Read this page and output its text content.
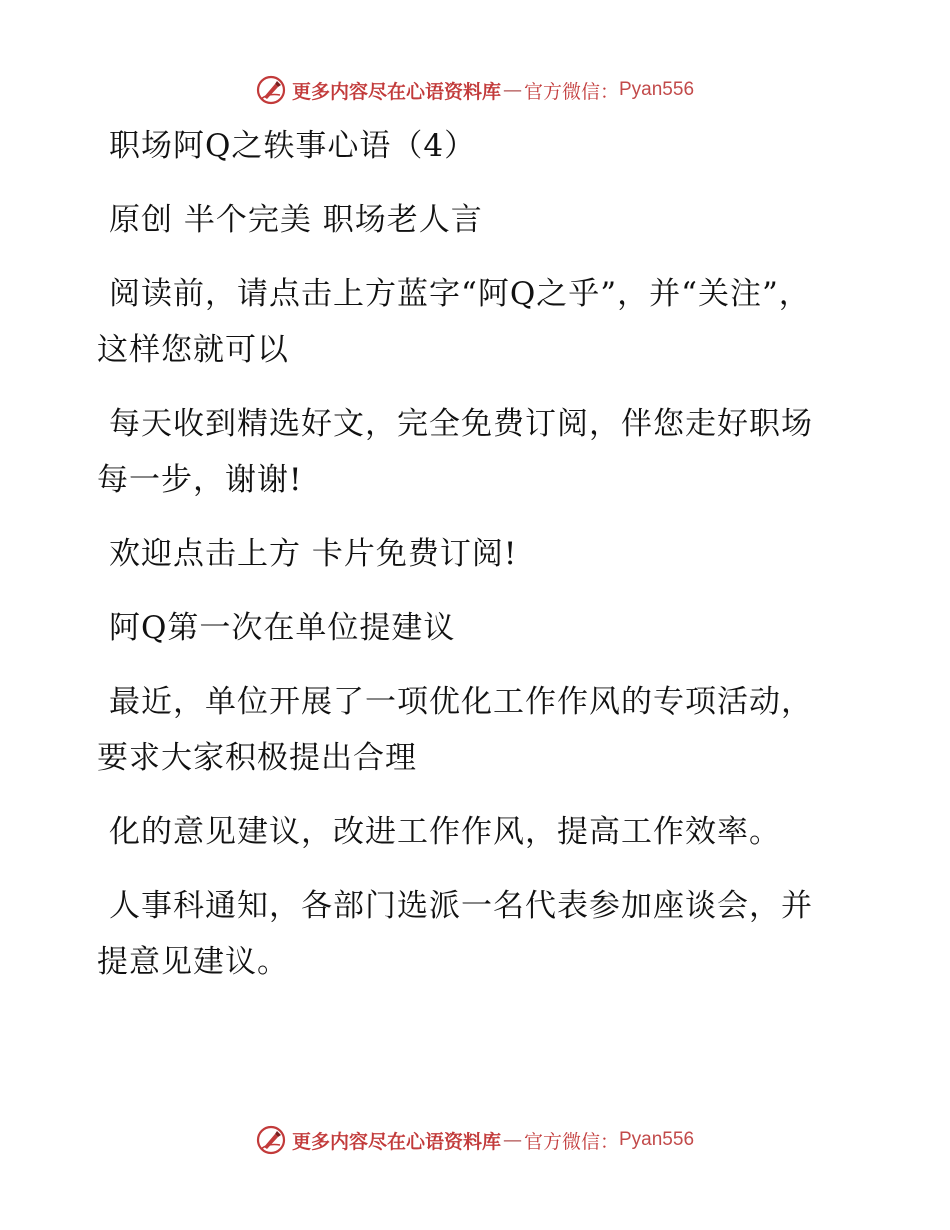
更多内容尽在心语资料库 — 官方微信： Pyan556

职场阿Q之轶事心语（4）

原创 半个完美 职场老人言

阅读前，请点击上方蓝字“阿Q之乎”，并“关注”，这样您就可以

每天收到精选好文，完全免费订阅，伴您走好职场每一步，谢谢!

欢迎点击上方 卡片免费订阅!

阿Q第一次在单位提建议

最近，单位开展了一项优化工作作风的专项活动，要求大家积极提出合理

化的意见建议，改进工作作风，提高工作效率。

人事科通知，各部门选派一名代表参加座谈会，并提意见建议。

更多内容尽在心语资料库 — 官方微信： Pyan556
